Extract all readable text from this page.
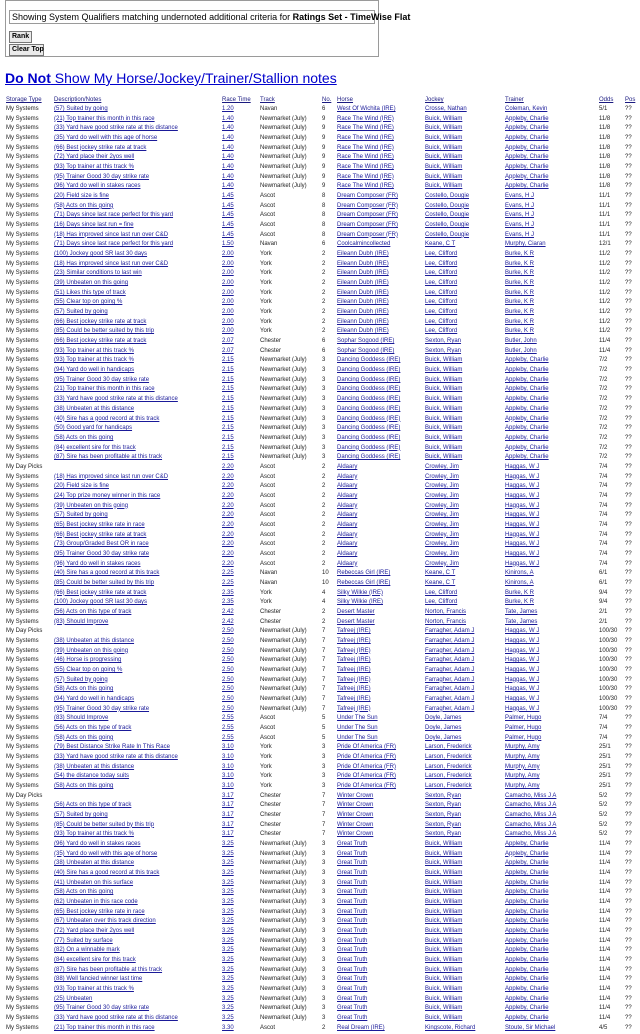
Showing System Qualifiers matching undernoted additional criteria for Ratings Set - TimeWise Flat
Rank
Clear Top
Do Not Show My Horse/Jockey/Trainer/Stallion notes
Storage Type	Description/Notes	Race Time	Track	No.	Horse	Jockey	Trainer	Odds	Pos
My Systems	(57) Suited by going	1.20	Navan	6	West Of Wichita (IRE)	Crosse, Nathan	Coleman, Kevin	5/1	??
My Systems	(21) Top trainer this month in this race	1.40	Newmarket (July)	9	Race The Wind (IRE)	Buick, William	Appleby, Charlie	11/8	??
My Systems	(33) Yard have good strike rate at this distance	1.40	Newmarket (July)	9	Race The Wind (IRE)	Buick, William	Appleby, Charlie	11/8	??
My Systems	(35) Yard do well with this age of horse	1.40	Newmarket (July)	9	Race The Wind (IRE)	Buick, William	Appleby, Charlie	11/8	??
My Systems	(66) Best jockey strike rate at track	1.40	Newmarket (July)	9	Race The Wind (IRE)	Buick, William	Appleby, Charlie	11/8	??
My Systems	(72) Yard place their 2yos well	1.40	Newmarket (July)	9	Race The Wind (IRE)	Buick, William	Appleby, Charlie	11/8	??
My Systems	(93) Top trainer at this track %	1.40	Newmarket (July)	9	Race The Wind (IRE)	Buick, William	Appleby, Charlie	11/8	??
My Systems	(95) Trainer Good 30 day strike rate	1.40	Newmarket (July)	9	Race The Wind (IRE)	Buick, William	Appleby, Charlie	11/8	??
My Systems	(96) Yard do well in stakes races	1.40	Newmarket (July)	9	Race The Wind (IRE)	Buick, William	Appleby, Charlie	11/8	??
My Systems	(20) Field size is fine	1.45	Ascot	8	Dream Composer (FR)	Costello, Dougie	Evans, H J	11/1	??
My Systems	(58) Acts on this going	1.45	Ascot	8	Dream Composer (FR)	Costello, Dougie	Evans, H J	11/1	??
My Systems	(71) Days since last race perfect for this yard	1.45	Ascot	8	Dream Composer (FR)	Costello, Dougie	Evans, H J	11/1	??
My Systems	(16) Days since last run = fine	1.45	Ascot	8	Dream Composer (FR)	Costello, Dougie	Evans, H J	11/1	??
My Systems	(18) Has improved since last run over C&D	1.45	Ascot	8	Dream Composer (FR)	Costello, Dougie	Evans, H J	11/1	??
My Systems	(71) Days since last race perfect for this yard	1.50	Navan	6	Coolcalmincollected	Keane, C T	Murphy, Ciaran	12/1	??
My Systems	(100) Jockey good SR last 30 days	2.00	York	2	Eileann Dubh (IRE)	Lee, Clifford	Burke, K R	11/2	??
My Systems	(18) Has improved since last run over C&D	2.00	York	2	Eileann Dubh (IRE)	Lee, Clifford	Burke, K R	11/2	??
My Systems	(23) Similar conditions to last win	2.00	York	2	Eileann Dubh (IRE)	Lee, Clifford	Burke, K R	11/2	??
My Systems	(39) Unbeaten on this going	2.00	York	2	Eileann Dubh (IRE)	Lee, Clifford	Burke, K R	11/2	??
My Systems	(51) Likes this type of track	2.00	York	2	Eileann Dubh (IRE)	Lee, Clifford	Burke, K R	11/2	??
My Systems	(55) Clear top on going %	2.00	York	2	Eileann Dubh (IRE)	Lee, Clifford	Burke, K R	11/2	??
My Systems	(57) Suited by going	2.00	York	2	Eileann Dubh (IRE)	Lee, Clifford	Burke, K R	11/2	??
My Systems	(66) Best jockey strike rate at track	2.00	York	2	Eileann Dubh (IRE)	Lee, Clifford	Burke, K R	11/2	??
My Systems	(85) Could be better suited by this trip	2.00	York	2	Eileann Dubh (IRE)	Lee, Clifford	Burke, K R	11/2	??
My Systems	(66) Best jockey strike rate at track	2.07	Chester	6	Sophar Sogood (IRE)	Sexton, Ryan	Butler, John	11/4	??
My Systems	(93) Top trainer at this track %	2.07	Chester	6	Sophar Sogood (IRE)	Sexton, Ryan	Butler, John	11/4	??
My Systems	(93) Top trainer at this track %	2.15	Newmarket (July)	3	Dancing Goddess (IRE)	Buick, William	Appleby, Charlie	7/2	??
My Systems	(94) Yard do well in handicaps	2.15	Newmarket (July)	3	Dancing Goddess (IRE)	Buick, William	Appleby, Charlie	7/2	??
My Systems	(95) Trainer Good 30 day strike rate	2.15	Newmarket (July)	3	Dancing Goddess (IRE)	Buick, William	Appleby, Charlie	7/2	??
My Systems	(21) Top trainer this month in this race	2.15	Newmarket (July)	3	Dancing Goddess (IRE)	Buick, William	Appleby, Charlie	7/2	??
My Systems	(33) Yard have good strike rate at this distance	2.15	Newmarket (July)	3	Dancing Goddess (IRE)	Buick, William	Appleby, Charlie	7/2	??
My Systems	(38) Unbeaten at this distance	2.15	Newmarket (July)	3	Dancing Goddess (IRE)	Buick, William	Appleby, Charlie	7/2	??
My Systems	(40) Sire has a good record at this track	2.15	Newmarket (July)	3	Dancing Goddess (IRE)	Buick, William	Appleby, Charlie	7/2	??
My Systems	(50) Good yard for handicaps	2.15	Newmarket (July)	3	Dancing Goddess (IRE)	Buick, William	Appleby, Charlie	7/2	??
My Systems	(58) Acts on this going	2.15	Newmarket (July)	3	Dancing Goddess (IRE)	Buick, William	Appleby, Charlie	7/2	??
My Systems	(84) excellent sire for this track	2.15	Newmarket (July)	3	Dancing Goddess (IRE)	Buick, William	Appleby, Charlie	7/2	??
My Systems	(87) Sire has been profitable at this track	2.15	Newmarket (July)	3	Dancing Goddess (IRE)	Buick, William	Appleby, Charlie	7/2	??
My Day Picks		2.20	Ascot	2	Aldaary	Crowley, Jim	Haggas, W J	7/4	??
My Systems	(18) Has improved since last run over C&D	2.20	Ascot	2	Aldaary	Crowley, Jim	Haggas, W J	7/4	??
My Systems	(20) Field size is fine	2.20	Ascot	2	Aldaary	Crowley, Jim	Haggas, W J	7/4	??
My Systems	(24) Top prize money winner in this race	2.20	Ascot	2	Aldaary	Crowley, Jim	Haggas, W J	7/4	??
My Systems	(39) Unbeaten on this going	2.20	Ascot	2	Aldaary	Crowley, Jim	Haggas, W J	7/4	??
My Systems	(57) Suited by going	2.20	Ascot	2	Aldaary	Crowley, Jim	Haggas, W J	7/4	??
My Systems	(65) Best jockey strike rate in race	2.20	Ascot	2	Aldaary	Crowley, Jim	Haggas, W J	7/4	??
My Systems	(66) Best jockey strike rate at track	2.20	Ascot	2	Aldaary	Crowley, Jim	Haggas, W J	7/4	??
My Systems	(73) Group/Graded Best OR in race	2.20	Ascot	2	Aldaary	Crowley, Jim	Haggas, W J	7/4	??
My Systems	(95) Trainer Good 30 day strike rate	2.20	Ascot	2	Aldaary	Crowley, Jim	Haggas, W J	7/4	??
My Systems	(96) Yard do well in stakes races	2.20	Ascot	2	Aldaary	Crowley, Jim	Haggas, W J	7/4	??
My Systems	(40) Sire has a good record at this track	2.25	Navan	10	Rebeccas Girl (IRE)	Keane, C T	Kinirons, A	6/1	??
My Systems	(85) Could be better suited by this trip	2.25	Navan	10	Rebeccas Girl (IRE)	Keane, C T	Kinirons, A	6/1	??
My Systems	(66) Best jockey strike rate at track	2.35	York	4	Silky Wilkie (IRE)	Lee, Clifford	Burke, K R	9/4	??
My Systems	(100) Jockey good SR last 30 days	2.35	York	4	Silky Wilkie (IRE)	Lee, Clifford	Burke, K R	9/4	??
My Systems	(56) Acts on this type of track	2.42	Chester	2	Desert Master	Norton, Francis	Tate, James	2/1	??
My Systems	(83) Should Improve	2.42	Chester	2	Desert Master	Norton, Francis	Tate, James	2/1	??
My Day Picks		2.50	Newmarket (July)	7	Tafreej (IRE)	Farragher, Adam J	Haggas, W J	100/30	??
My Systems	(38) Unbeaten at this distance	2.50	Newmarket (July)	7	Tafreej (IRE)	Farragher, Adam J	Haggas, W J	100/30	??
My Systems	(39) Unbeaten on this going	2.50	Newmarket (July)	7	Tafreej (IRE)	Farragher, Adam J	Haggas, W J	100/30	??
My Systems	(46) Horse is progressing	2.50	Newmarket (July)	7	Tafreej (IRE)	Farragher, Adam J	Haggas, W J	100/30	??
My Systems	(55) Clear top on going %	2.50	Newmarket (July)	7	Tafreej (IRE)	Farragher, Adam J	Haggas, W J	100/30	??
My Systems	(57) Suited by going	2.50	Newmarket (July)	7	Tafreej (IRE)	Farragher, Adam J	Haggas, W J	100/30	??
My Systems	(58) Acts on this going	2.50	Newmarket (July)	7	Tafreej (IRE)	Farragher, Adam J	Haggas, W J	100/30	??
My Systems	(94) Yard do well in handicaps	2.50	Newmarket (July)	7	Tafreej (IRE)	Farragher, Adam J	Haggas, W J	100/30	??
My Systems	(95) Trainer Good 30 day strike rate	2.50	Newmarket (July)	7	Tafreej (IRE)	Farragher, Adam J	Haggas, W J	100/30	??
My Systems	(83) Should Improve	2.55	Ascot	5	Under The Sun	Doyle, James	Palmer, Hugo	7/4	??
My Systems	(56) Acts on this type of track	2.55	Ascot	5	Under The Sun	Doyle, James	Palmer, Hugo	7/4	??
My Systems	(58) Acts on this going	2.55	Ascot	5	Under The Sun	Doyle, James	Palmer, Hugo	7/4	??
My Systems	(79) Best Distance Strike Rate In This Race	3.10	York	3	Pride Of America (FR)	Larson, Frederick	Murphy, Amy	25/1	??
My Systems	(33) Yard have good strike rate at this distance	3.10	York	3	Pride Of America (FR)	Larson, Frederick	Murphy, Amy	25/1	??
My Systems	(38) Unbeaten at this distance	3.10	York	3	Pride Of America (FR)	Larson, Frederick	Murphy, Amy	25/1	??
My Systems	(54) the distance today suits	3.10	York	3	Pride Of America (FR)	Larson, Frederick	Murphy, Amy	25/1	??
My Systems	(58) Acts on this going	3.10	York	3	Pride Of America (FR)	Larson, Frederick	Murphy, Amy	25/1	??
My Day Picks		3.17	Chester	7	Winter Crown	Sexton, Ryan	Camacho, Miss J A	5/2	??
My Systems	(56) Acts on this type of track	3.17	Chester	7	Winter Crown	Sexton, Ryan	Camacho, Miss J A	5/2	??
My Systems	(57) Suited by going	3.17	Chester	7	Winter Crown	Sexton, Ryan	Camacho, Miss J A	5/2	??
My Systems	(85) Could be better suited by this trip	3.17	Chester	7	Winter Crown	Sexton, Ryan	Camacho, Miss J A	5/2	??
My Systems	(93) Top trainer at this track %	3.17	Chester	7	Winter Crown	Sexton, Ryan	Camacho, Miss J A	5/2	??
My Systems	(96) Yard do well in stakes races	3.25	Newmarket (July)	3	Great Truth	Buick, William	Appleby, Charlie	11/4	??
My Systems	(35) Yard do well with this age of horse	3.25	Newmarket (July)	3	Great Truth	Buick, William	Appleby, Charlie	11/4	??
My Systems	(38) Unbeaten at this distance	3.25	Newmarket (July)	3	Great Truth	Buick, William	Appleby, Charlie	11/4	??
My Systems	(40) Sire has a good record at this track	3.25	Newmarket (July)	3	Great Truth	Buick, William	Appleby, Charlie	11/4	??
My Systems	(41) Unbeaten on this surface	3.25	Newmarket (July)	3	Great Truth	Buick, William	Appleby, Charlie	11/4	??
My Systems	(58) Acts on this going	3.25	Newmarket (July)	3	Great Truth	Buick, William	Appleby, Charlie	11/4	??
My Systems	(62) Unbeaten in this race code	3.25	Newmarket (July)	3	Great Truth	Buick, William	Appleby, Charlie	11/4	??
My Systems	(65) Best jockey strike rate in race	3.25	Newmarket (July)	3	Great Truth	Buick, William	Appleby, Charlie	11/4	??
My Systems	(67) Unbeaten over this track direction	3.25	Newmarket (July)	3	Great Truth	Buick, William	Appleby, Charlie	11/4	??
My Systems	(72) Yard place their 2yos well	3.25	Newmarket (July)	3	Great Truth	Buick, William	Appleby, Charlie	11/4	??
My Systems	(77) Suited by surface	3.25	Newmarket (July)	3	Great Truth	Buick, William	Appleby, Charlie	11/4	??
My Systems	(82) On a winnable mark	3.25	Newmarket (July)	3	Great Truth	Buick, William	Appleby, Charlie	11/4	??
My Systems	(84) excellent sire for this track	3.25	Newmarket (July)	3	Great Truth	Buick, William	Appleby, Charlie	11/4	??
My Systems	(87) Sire has been profitable at this track	3.25	Newmarket (July)	3	Great Truth	Buick, William	Appleby, Charlie	11/4	??
My Systems	(88) Well fancied winner last time	3.25	Newmarket (July)	3	Great Truth	Buick, William	Appleby, Charlie	11/4	??
My Systems	(93) Top trainer at this track %	3.25	Newmarket (July)	3	Great Truth	Buick, William	Appleby, Charlie	11/4	??
My Systems	(25) Unbeaten	3.25	Newmarket (July)	3	Great Truth	Buick, William	Appleby, Charlie	11/4	??
My Systems	(95) Trainer Good 30 day strike rate	3.25	Newmarket (July)	3	Great Truth	Buick, William	Appleby, Charlie	11/4	??
My Systems	(33) Yard have good strike rate at this distance	3.25	Newmarket (July)	3	Great Truth	Buick, William	Appleby, Charlie	11/4	??
My Systems	(21) Top trainer this month in this race	3.30	Ascot	2	Real Dream (IRE)	Kingscote, Richard	Stoute, Sir Michael	4/5	??
